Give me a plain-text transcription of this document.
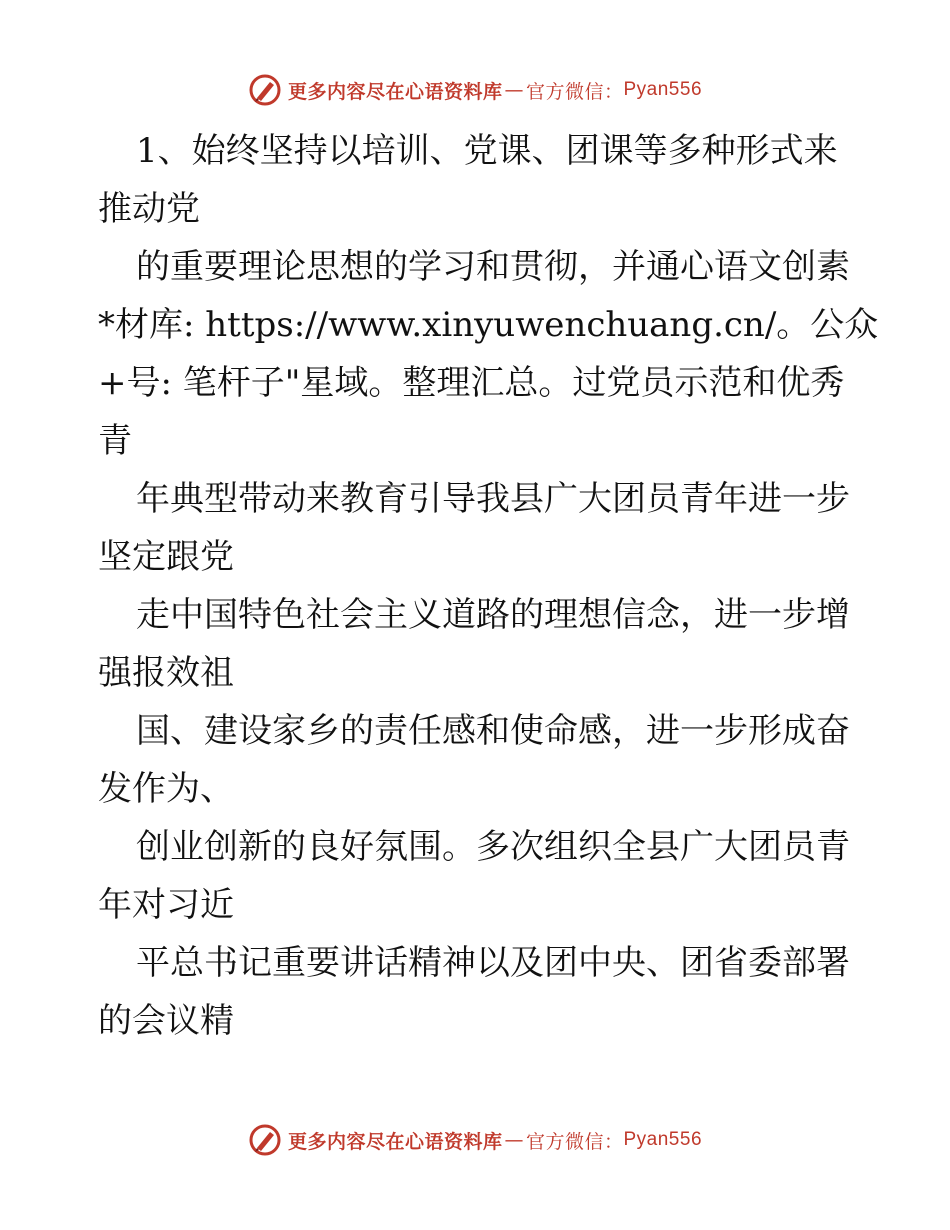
更多内容尽在心语资料库 — 官方微信： Pyan556
1、始终坚持以培训、党课、团课等多种形式来
推动党
的重要理论思想的学习和贯彻，并通心语文创素
*材库: https://www.xinyuwenchuang.cn/。公众
+号: 笔杆子"星域。整理汇总。过党员示范和优秀
青
年典型带动来教育引导我县广大团员青年进一步
坚定跟党
走中国特色社会主义道路的理想信念，进一步增
强报效祖
国、建设家乡的责任感和使命感，进一步形成奋
发作为、
创业创新的良好氛围。多次组织全县广大团员青
年对习近
平总书记重要讲话精神以及团中央、团省委部署
的会议精
更多内容尽在心语资料库 — 官方微信： Pyan556
